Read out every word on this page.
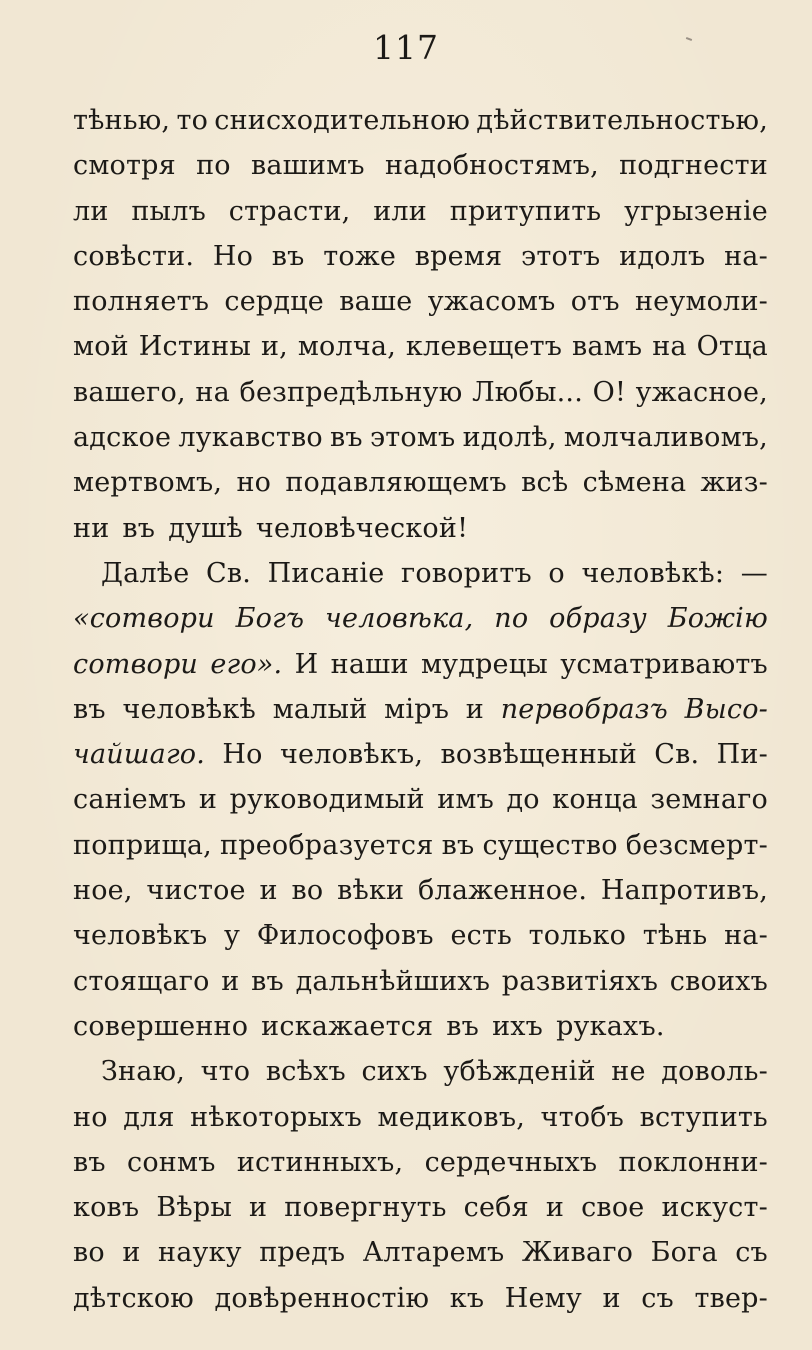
117
тѣнью, то снисходительною дѣйствительностью,
смотря по вашимъ надобностямъ, подгнести
ли пылъ страсти, или притупить угрызеніе
совѣсти. Но въ тоже время этотъ идолъ на-
полняетъ сердце ваше ужасомъ отъ неумоли-
мой Истины и, молча, клевещетъ вамъ на Отца
вашего, на безпредѣльную Любы... О! ужасное,
адское лукавство въ этомъ идолѣ, молчаливомъ,
мертвомъ, но подавляющемъ всѣ сѣмена жиз-
ни въ душѣ человѣческой!
Далѣе Св. Писаніе говоритъ о человѣкѣ: —
«сотвори Богъ человѣка, по образу Божію
сотвори его». И наши мудрецы усматриваютъ
въ человѣкѣ малый міръ и первобразъ Высо-
чайшаго. Но человѣкъ, возвѣщенный Св. Пи-
саніемъ и руководимый имъ до конца земнаго
поприща, преобразуется въ существо безсмерт-
ное, чистое и во вѣки блаженное. Напротивъ,
человѣкъ у Философовъ есть только тѣнь на-
стоящаго и въ дальнѣйшихъ развитіяхъ своихъ
совершенно искажается въ ихъ рукахъ.
Знаю, что всѣхъ сихъ убѣжденій не доволь-
но для нѣкоторыхъ медиковъ, чтобъ вступить
въ сонмъ истинныхъ, сердечныхъ поклонни-
ковъ Вѣры и повергнуть себя и свое искуст-
во и науку предъ Алтаремъ Живаго Бога съ
дѣтскою довѣренностію къ Нему и съ твер-
